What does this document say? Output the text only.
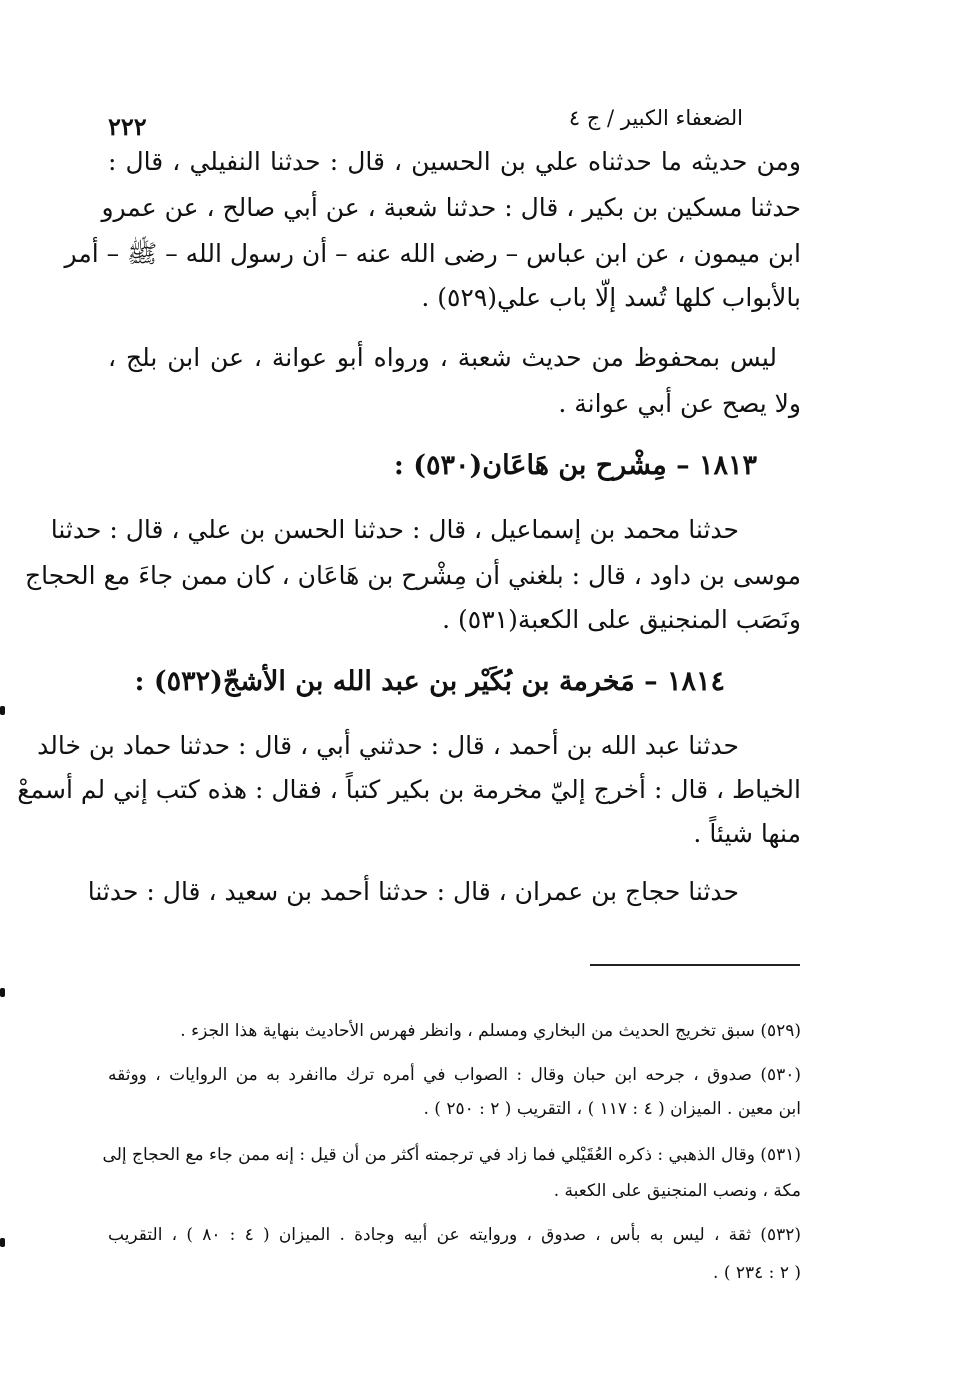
الضعفاء الكبير / ج ٤
٢٢٢
ومن حديثه ما حدثناه علي بن الحسين ، قال : حدثنا النفيلي ، قال :
حدثنا مسكين بن بكير ، قال : حدثنا شعبة ، عن أبي صالح ، عن عمرو
ابن ميمون ، عن ابن عباس – رضى الله عنه – أن رسول الله – ﷺ – أمر
بالأبواب كلها تُسد إلّا باب علي(٥٢٩) .
ليس بمحفوظ من حديث شعبة ، ورواه أبو عوانة ، عن ابن بلج ،
ولا يصح عن أبي عوانة .
١٨١٣ – مِشْرح بن هَاعَان(٥٣٠) :
حدثنا محمد بن إسماعيل ، قال : حدثنا الحسن بن علي ، قال : حدثنا
موسى بن داود ، قال : بلغني أن مِشْرح بن هَاعَان ، كان ممن جاءَ مع الحجاج
ونَصَب المنجنيق على الكعبة(٥٣١) .
١٨١٤ – مَخرمة بن بُكَيْر بن عبد الله بن الأشجّ(٥٣٢) :
حدثنا عبد الله بن أحمد ، قال : حدثني أبي ، قال : حدثنا حماد بن خالد
الخياط ، قال : أخرج إليّ مخرمة بن بكير كتباً ، فقال : هذه كتب إني لم أسمعْ
منها شيئاً .
حدثنا حجاج بن عمران ، قال : حدثنا أحمد بن سعيد ، قال : حدثنا
(٥٢٩) سبق تخريج الحديث من البخاري ومسلم ، وانظر فهرس الأحاديث بنهاية هذا الجزء .
(٥٣٠) صدوق ، جرحه ابن حبان وقال : الصواب في أمره ترك ماانفرد به من الروايات ، ووثقه
ابن معين . الميزان ( ٤ : ١١٧ ) ، التقريب ( ٢ : ٢٥٠ ) .
(٥٣١) وقال الذهبي : ذكره العُقَيْلي فما زاد في ترجمته أكثر من أن قيل : إنه ممن جاء مع الحجاج إلى
مكة ، ونصب المنجنيق على الكعبة .
(٥٣٢) ثقة ، ليس به بأس ، صدوق ، وروايته عن أبيه وجادة . الميزان ( ٤ : ٨٠ ) ، التقريب
( ٢ : ٢٣٤ ) .
